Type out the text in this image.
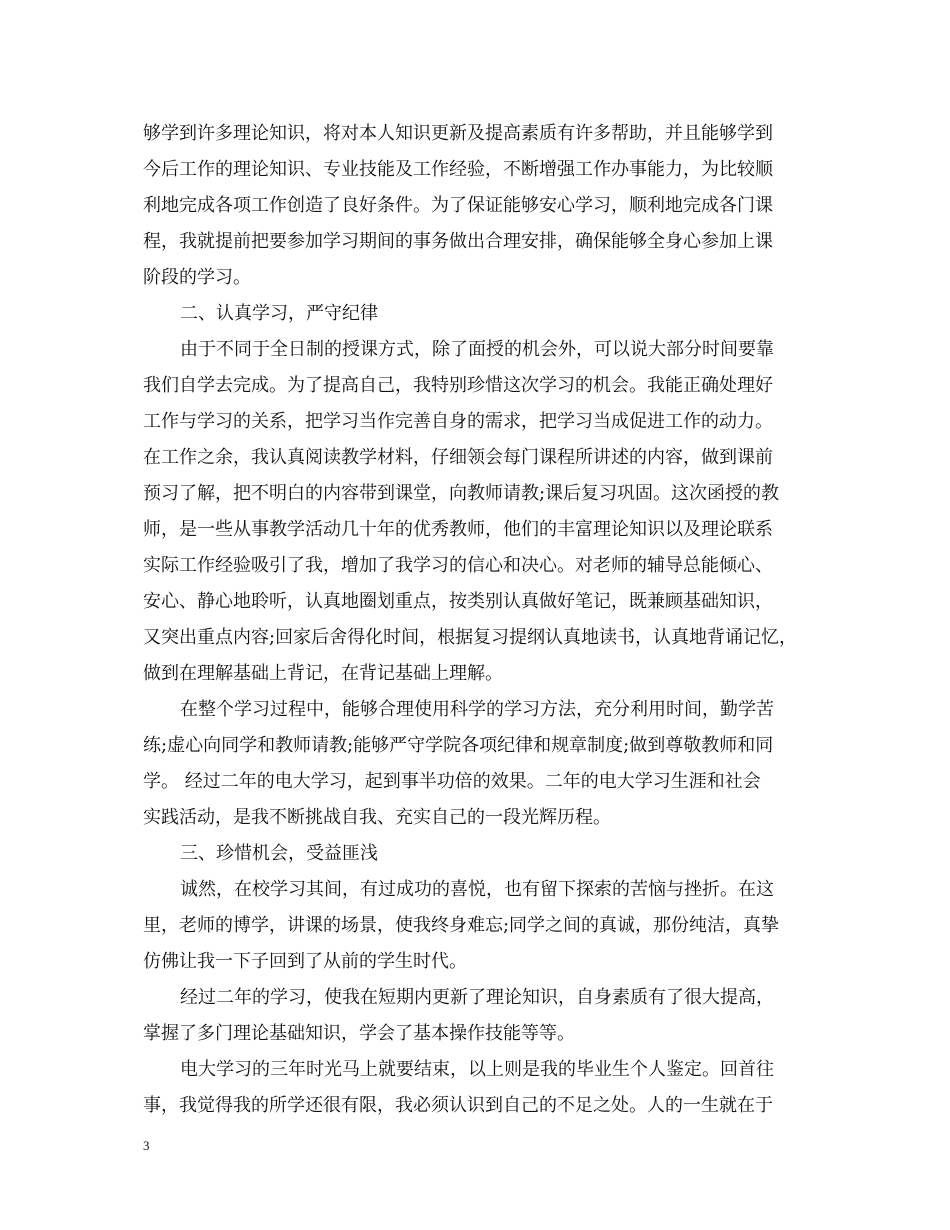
够学到许多理论知识，将对本人知识更新及提高素质有许多帮助，并且能够学到
今后工作的理论知识、专业技能及工作经验，不断增强工作办事能力，为比较顺
利地完成各项工作创造了良好条件。为了保证能够安心学习，顺利地完成各门课
程，我就提前把要参加学习期间的事务做出合理安排，确保能够全身心参加上课
阶段的学习。
二、认真学习，严守纪律
由于不同于全日制的授课方式，除了面授的机会外，可以说大部分时间要靠
我们自学去完成。为了提高自己，我特别珍惜这次学习的机会。我能正确处理好
工作与学习的关系，把学习当作完善自身的需求，把学习当成促进工作的动力。
在工作之余，我认真阅读教学材料，仔细领会每门课程所讲述的内容，做到课前
预习了解，把不明白的内容带到课堂，向教师请教;课后复习巩固。这次函授的教
师，是一些从事教学活动几十年的优秀教师，他们的丰富理论知识以及理论联系
实际工作经验吸引了我，增加了我学习的信心和决心。对老师的辅导总能倾心、
安心、静心地聆听，认真地圈划重点，按类别认真做好笔记，既兼顾基础知识，
又突出重点内容;回家后舍得化时间，根据复习提纲认真地读书，认真地背诵记忆，
做到在理解基础上背记，在背记基础上理解。
在整个学习过程中，能够合理使用科学的学习方法，充分利用时间，勤学苦
练;虚心向同学和教师请教;能够严守学院各项纪律和规章制度;做到尊敬教师和同
学。 经过二年的电大学习，起到事半功倍的效果。二年的电大学习生涯和社会
实践活动，是我不断挑战自我、充实自己的一段光辉历程。
三、珍惜机会，受益匪浅
诚然，在校学习其间，有过成功的喜悦，也有留下探索的苦恼与挫折。在这
里，老师的博学，讲课的场景，使我终身难忘;同学之间的真诚，那份纯洁，真挚
仿佛让我一下子回到了从前的学生时代。
经过二年的学习，使我在短期内更新了理论知识，自身素质有了很大提高，
掌握了多门理论基础知识，学会了基本操作技能等等。
电大学习的三年时光马上就要结束，以上则是我的毕业生个人鉴定。回首往
事，我觉得我的所学还很有限，我必须认识到自己的不足之处。人的一生就在于
3
